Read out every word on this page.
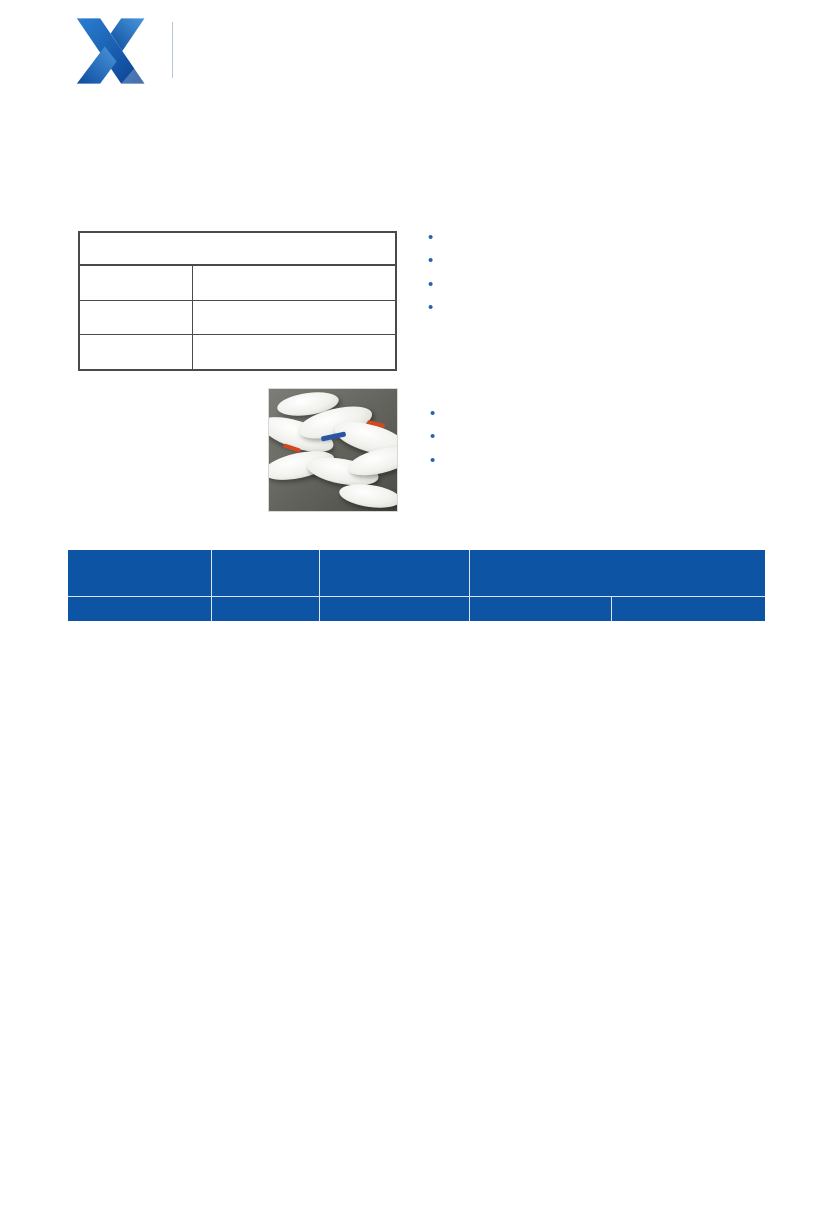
•
•
•
•
•
•
•
